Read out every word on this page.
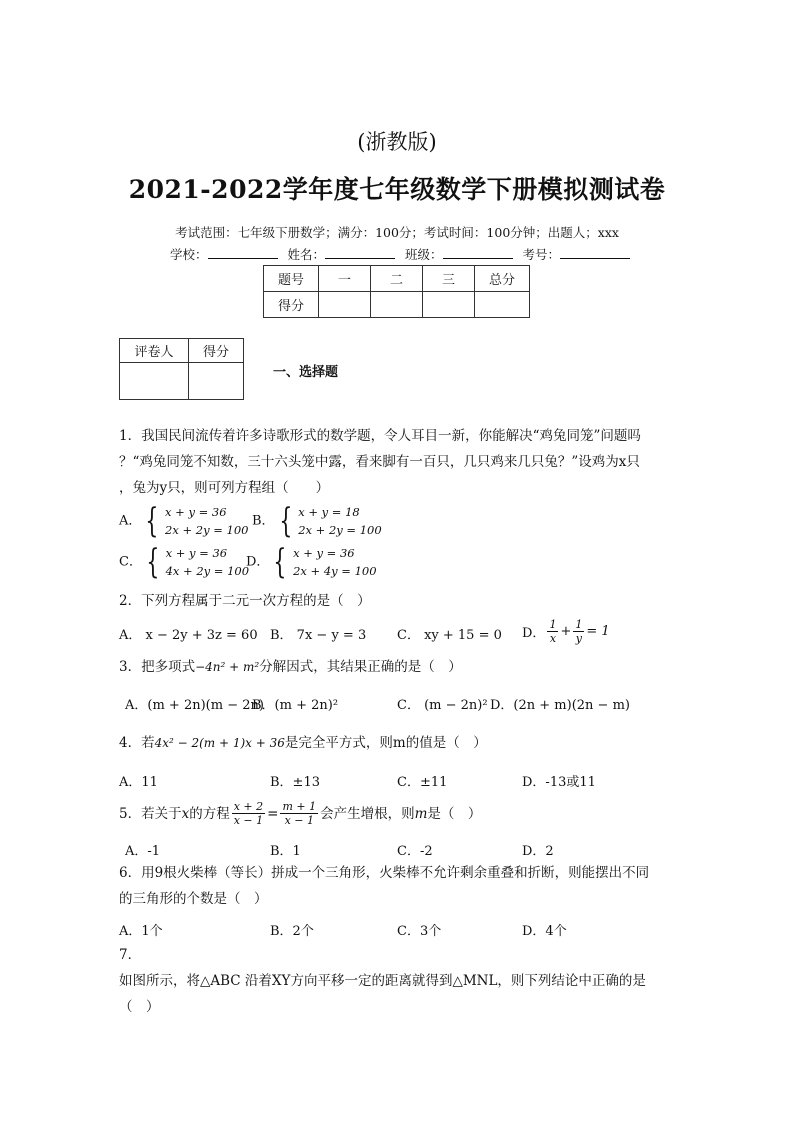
(浙教版)
2021-2022学年度七年级数学下册模拟测试卷
考试范围：七年级下册数学；满分：100分；考试时间：100分钟；出题人；xxx
学校：	姓名：	班级：	考号：
题号	一	二	三	总分
得分				
评卷人	得分

一、选择题
1．我国民间流传着许多诗歌形式的数学题，令人耳目一新，你能解决“鸡兔同笼”问题吗
？“鸡兔同笼不知数，三十六头笼中露，看来脚有一百只，几只鸡来几只兔？”设鸡为x只
，兔为y只，则可列方程组（　　）
A． { x + y = 36
2x + 2y = 100
B． { x + y = 18
2x + 2y = 100
C． { x + y = 36
4x + 2y = 100
D． { x + y = 36
2x + 4y = 100
2．下列方程属于二元一次方程的是（　）
A． x − 2y + 3z = 60 B． 7x − y = 3 C． xy + 15 = 0 D． $\frac{1}{x} + \frac{1}{y} = 1$
3．把多项式−4n² + m²分解因式，其结果正确的是（　）
A．(m + 2n)(m − 2n)
B．(m + 2n)²	C． (m − 2n)² D．(2n + m)(2n − m)
4．若4x² − 2(m + 1)x + 36是完全平方式，则m的值是（　）
A．11	B．±13	C．±11	D．-13或11
5．若关于 x 的方程 $\frac{x + 2}{x - 1} = \frac{m + 1}{x - 1}$ 会产生增根，则 m 是（　）
A．-1	B．1	C．-2	D．2
6．用9根火柴棒（等长）拼成一个三角形，火柴棒不允许剩余重叠和折断，则能摆出不同
的三角形的个数是（　）
A．1个	B．2个	C．3个	D．4个
7．
如图所示，将△ABC 沿着XY方向平移一定的距离就得到△MNL，则下列结论中正确的是
（　）
